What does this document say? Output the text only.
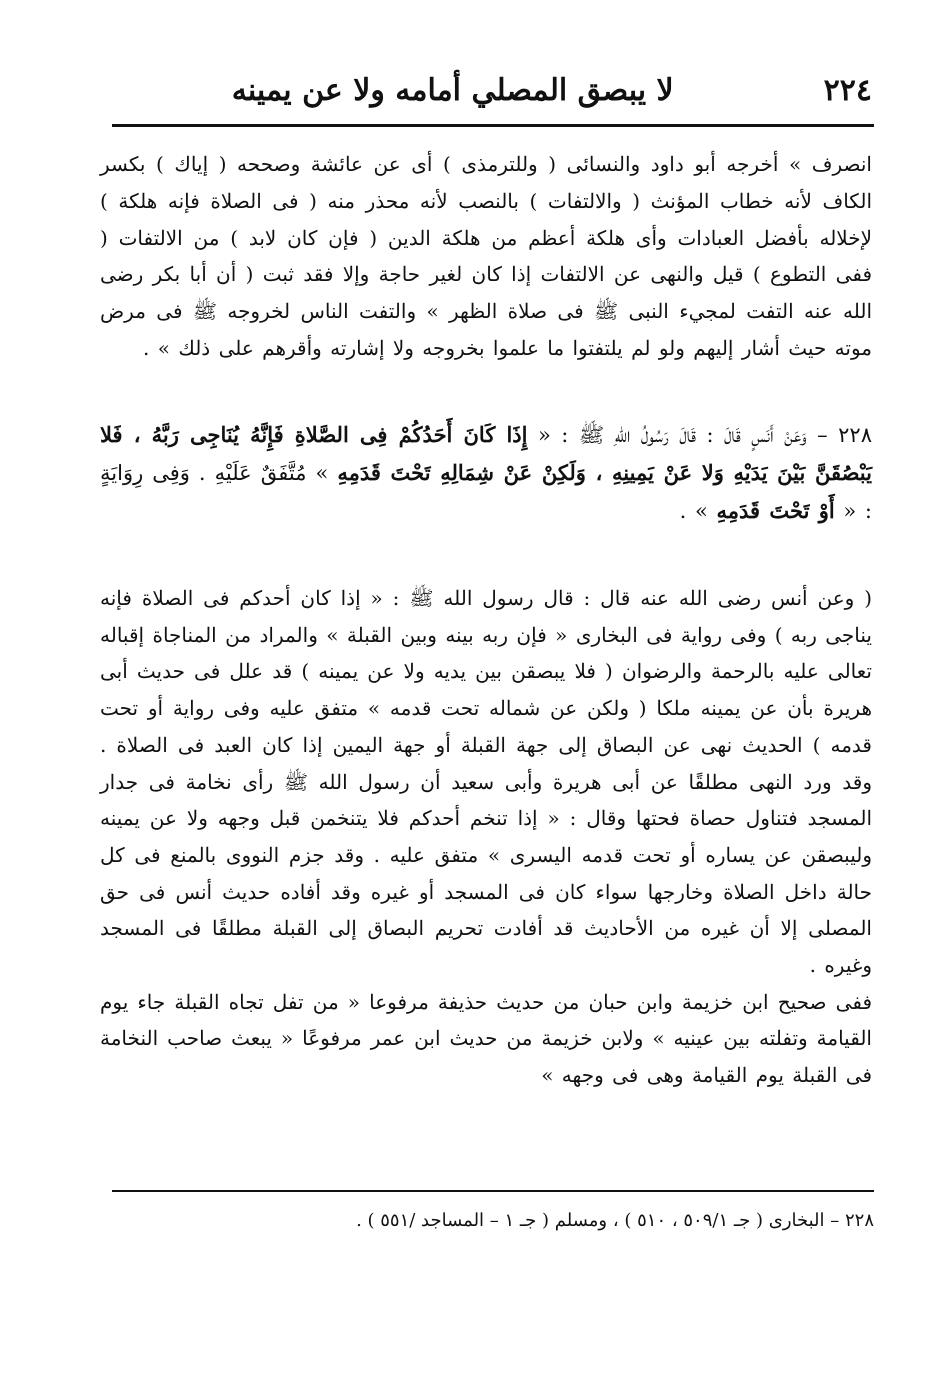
٢٢٤
لا يبصق المصلي أمامه ولا عن يمينه

انصرف » أخرجه أبو داود والنسائى ( وللترمذى ) أى عن عائشة وصححه ( إياك ) بكسر الكاف لأنه خطاب المؤنث ( والالتفات ) بالنصب لأنه محذر منه ( فى الصلاة فإنه هلكة ) لإخلاله بأفضل العبادات وأى هلكة أعظم من هلكة الدين ( فإن كان لابد ) من الالتفات ( ففى التطوع ) قيل والنهى عن الالتفات إذا كان لغير حاجة وإلا فقد ثبت ( أن أبا بكر رضى الله عنه التفت لمجيء النبى ﷺ فى صلاة الظهر » والتفت الناس لخروجه ﷺ فى مرض موته حيث أشار إليهم ولو لم يلتفتوا ما علموا بخروجه ولا إشارته وأقرهم على ذلك » .

٢٢٨ – وَعَنْ أَنَسٍ قَالَ : قَالَ رَسُولُ اللهِ ﷺ : « إِذَا كَانَ أَحَدُكُمْ فِى الصَّلاةِ فَإِنَّهُ يُنَاجِى رَبَّهُ ، فَلا يَبْصُقَنَّ بَيْنَ يَدَيْهِ وَلا عَنْ يَمِينِهِ ، وَلَكِنْ عَنْ شِمَالِهِ تَحْتَ قَدَمِهِ » مُتَّفَقٌ عَلَيْهِ . وَفِى رِوَايَةٍ : « أَوْ تَحْتَ قَدَمِهِ » .

( وعن أنس رضى الله عنه قال : قال رسول الله ﷺ : « إذا كان أحدكم فى الصلاة فإنه يناجى ربه ) وفى رواية فى البخارى « فإن ربه بينه وبين القبلة » والمراد من المناجاة إقباله تعالى عليه بالرحمة والرضوان ( فلا يبصقن بين يديه ولا عن يمينه ) قد علل فى حديث أبى هريرة بأن عن يمينه ملكا ( ولكن عن شماله تحت قدمه » متفق عليه وفى رواية أو تحت قدمه ) الحديث نهى عن البصاق إلى جهة القبلة أو جهة اليمين إذا كان العبد فى الصلاة . وقد ورد النهى مطلقًا عن أبى هريرة وأبى سعيد أن رسول الله ﷺ رأى نخامة فى جدار المسجد فتناول حصاة فحتها وقال : « إذا تنخم أحدكم فلا يتنخمن قبل وجهه ولا عن يمينه وليبصقن عن يساره أو تحت قدمه اليسرى » متفق عليه . وقد جزم النووى بالمنع فى كل حالة داخل الصلاة وخارجها سواء كان فى المسجد أو غيره وقد أفاده حديث أنس فى حق المصلى إلا أن غيره من الأحاديث قد أفادت تحريم البصاق إلى القبلة مطلقًا فى المسجد وغيره .

ففى صحيح ابن خزيمة وابن حبان من حديث حذيفة مرفوعا « من تفل تجاه القبلة جاء يوم القيامة وتفلته بين عينيه » ولابن خزيمة من حديث ابن عمر مرفوعًا « يبعث صاحب النخامة فى القبلة يوم القيامة وهى فى وجهه »

٢٢٨ – البخارى ( جـ ٥٠٩/١ ، ٥١٠ ) ، ومسلم ( جـ ١ – المساجد /٥٥١ ) .
